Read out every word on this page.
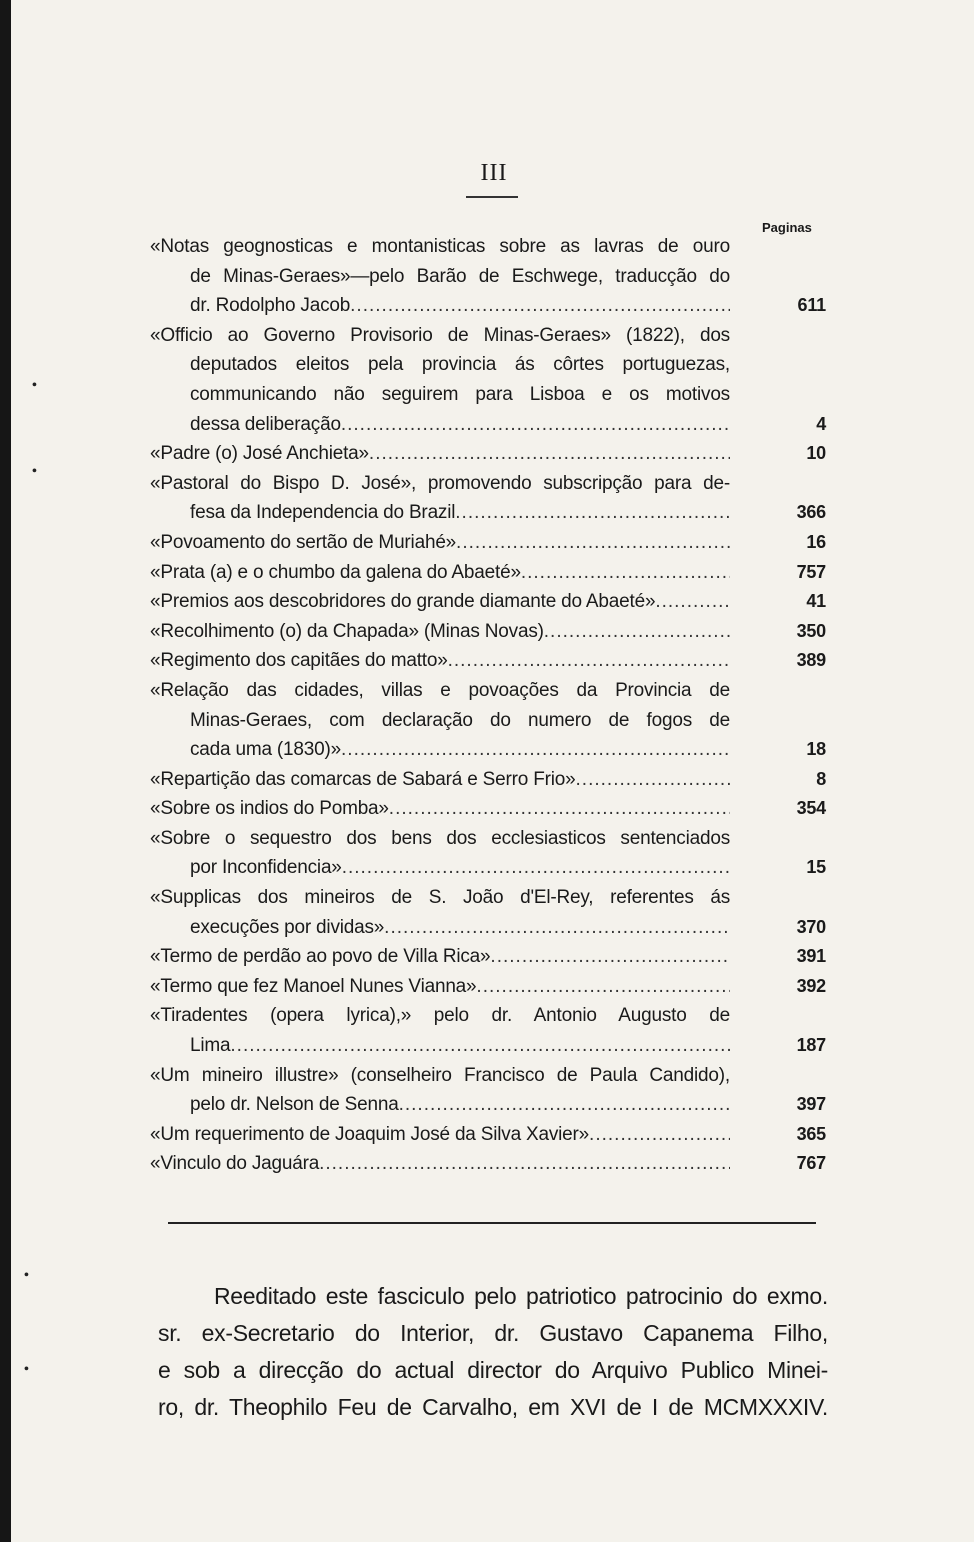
•
•
•
•
III
Paginas
«Notas geognosticas e montanisticas sobre as lavras de ouro
de Minas-Geraes»—pelo Barão de Eschwege, traducção do
dr. Rodolpho Jacob .....	611
«Officio ao Governo Provisorio de Minas-Geraes» (1822), dos
deputados eleitos pela provincia ás côrtes portuguezas,
communicando não seguirem para Lisboa e os motivos
dessa deliberação .....	4
«Padre (o) José Anchieta» .....	10
«Pastoral do Bispo D. José», promovendo subscripção para de-
fesa da Independencia do Brazil .....	366
«Povoamento do sertão de Muriahé» .....	16
«Prata (a) e o chumbo da galena do Abaeté» .....	757
«Premios aos descobridores do grande diamante do Abaeté» .....	41
«Recolhimento (o) da Chapada» (Minas Novas) .....	350
«Regimento dos capitães do matto» .....	389
«Relação das cidades, villas e povoações da Provincia de
Minas-Geraes, com declaração do numero de fogos de
cada uma (1830)» .....	18
«Repartição das comarcas de Sabará e Serro Frio» .....	8
«Sobre os indios do Pomba» .....	354
«Sobre o sequestro dos bens dos ecclesiasticos sentenciados
por Inconfidencia» .....	15
«Supplicas dos mineiros de S. João d'El-Rey, referentes ás
execuções por dividas» .....	370
«Termo de perdão ao povo de Villa Rica» .....	391
«Termo que fez Manoel Nunes Vianna» .....	392
«Tiradentes (opera lyrica),» pelo dr. Antonio Augusto de
Lima .....	187
«Um mineiro illustre» (conselheiro Francisco de Paula Candido),
pelo dr. Nelson de Senna .....	397
«Um requerimento de Joaquim José da Silva Xavier» .....	365
«Vinculo do Jaguára .....	767
Reeditado este fasciculo pelo patriotico patrocinio do exmo.
sr. ex-Secretario do Interior, dr. Gustavo Capanema Filho,
e sob a direcção do actual director do Arquivo Publico Minei-
ro, dr. Theophilo Feu de Carvalho, em XVI de I de MCMXXXIV.
